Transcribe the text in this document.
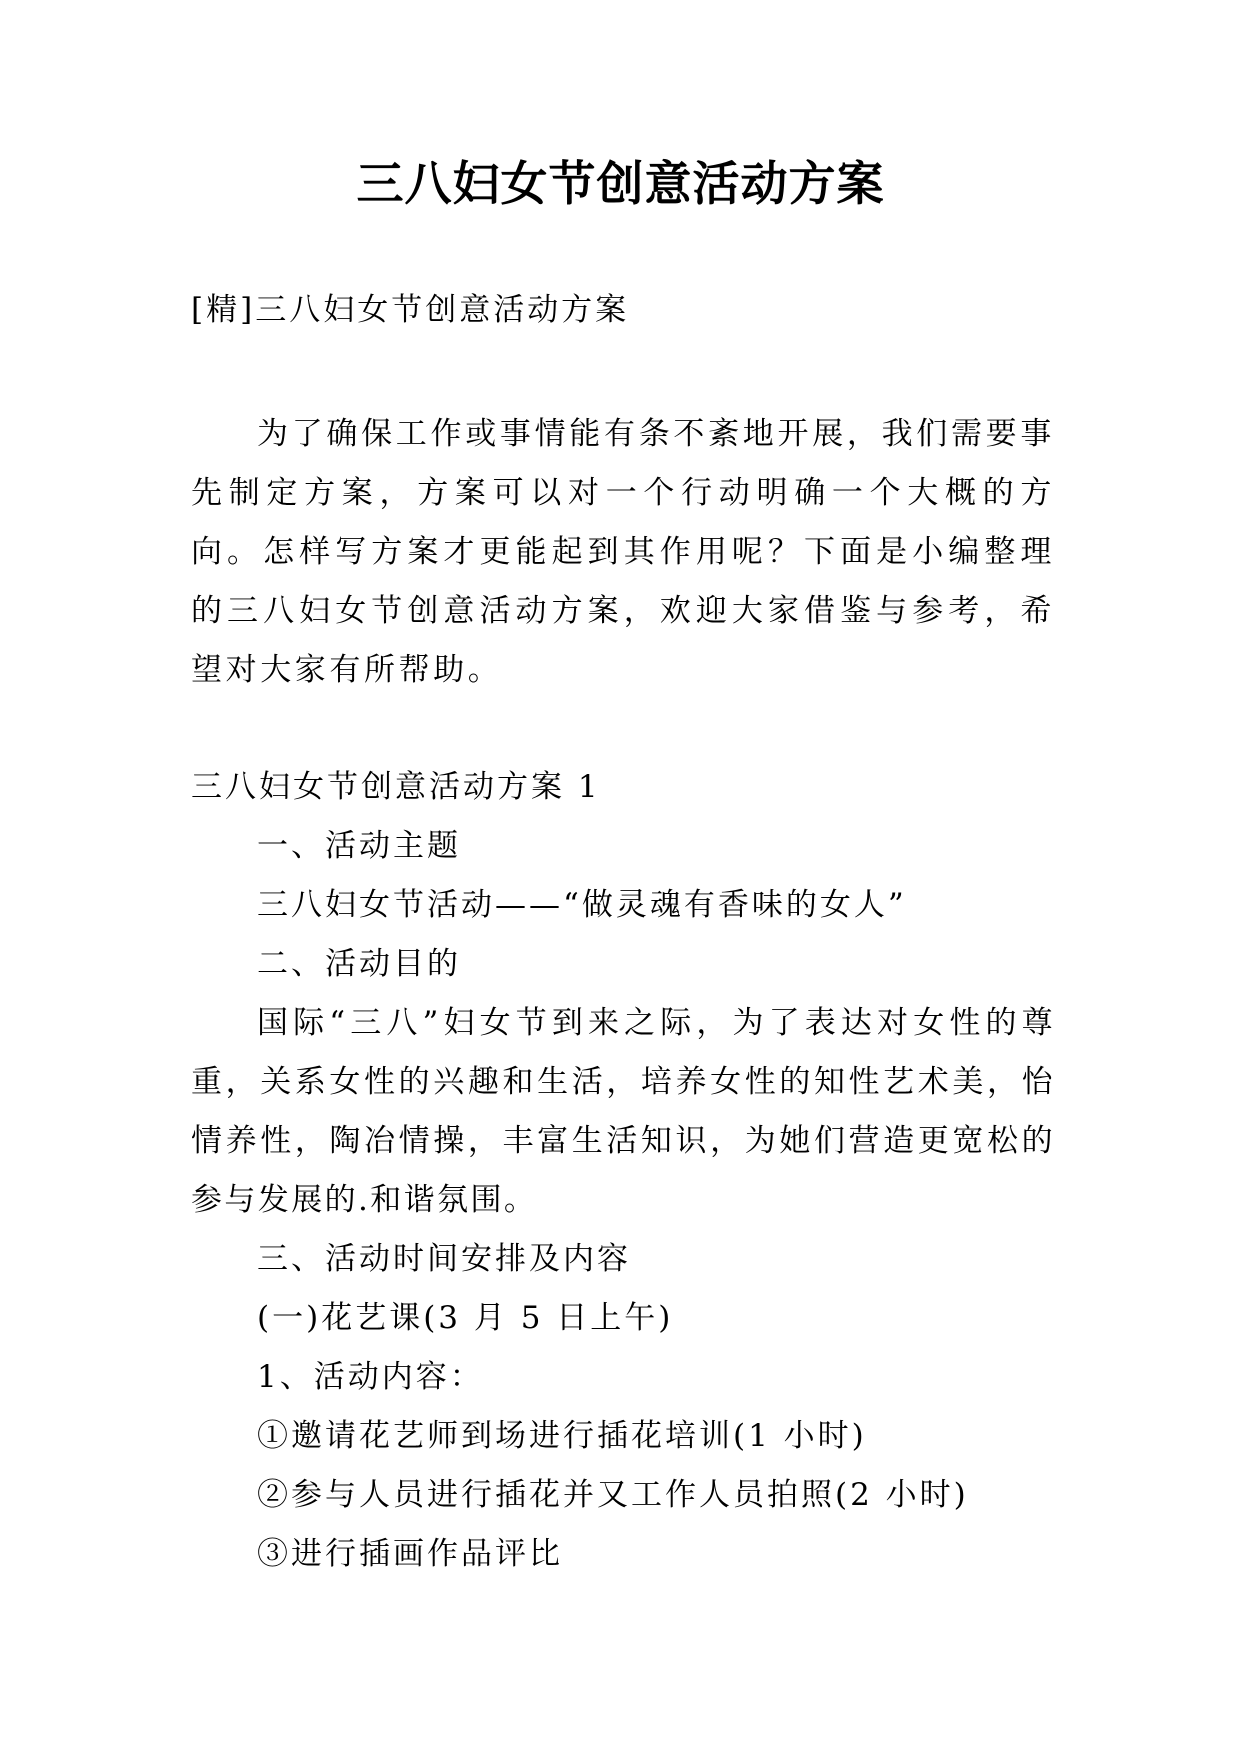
三八妇女节创意活动方案

[精]三八妇女节创意活动方案

为了确保工作或事情能有条不紊地开展，我们需要事先制定方案，方案可以对一个行动明确一个大概的方向。怎样写方案才更能起到其作用呢？下面是小编整理的三八妇女节创意活动方案，欢迎大家借鉴与参考，希望对大家有所帮助。

三八妇女节创意活动方案 1

一、活动主题

三八妇女节活动——“做灵魂有香味的女人”

二、活动目的

国际“三八”妇女节到来之际，为了表达对女性的尊重，关系女性的兴趣和生活，培养女性的知性艺术美，怡情养性，陶冶情操，丰富生活知识，为她们营造更宽松的参与发展的.和谐氛围。

三、活动时间安排及内容

(一)花艺课(3 月 5 日上午)

1、活动内容：

①邀请花艺师到场进行插花培训(1 小时)

②参与人员进行插花并又工作人员拍照(2 小时)

③进行插画作品评比
